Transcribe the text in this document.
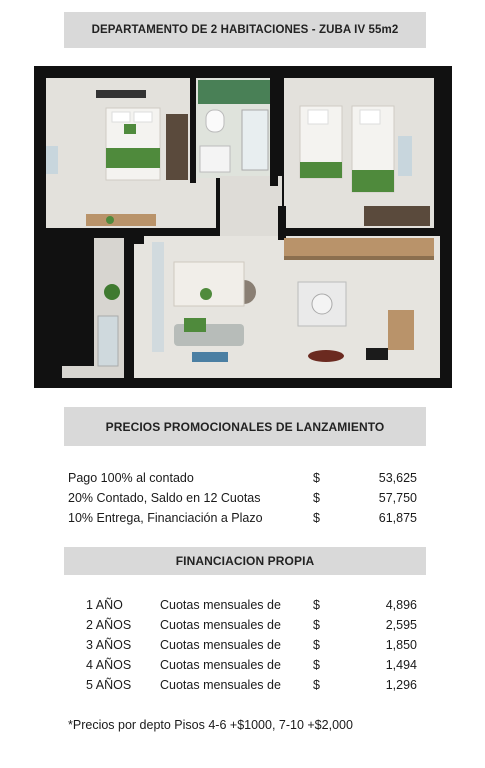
DEPARTAMENTO DE 2 HABITACIONES - ZUBA IV 55m2
PRECIOS PROMOCIONALES DE LANZAMIENTO
Pago 100% al contado	$	53,625
20% Contado, Saldo en 12 Cuotas	$	57,750
10% Entrega, Financiación a Plazo	$	61,875
FINANCIACION PROPIA
1 AÑO	Cuotas mensuales de	$	4,896
2 AÑOS Cuotas mensuales de	$	2,595
3 AÑOS Cuotas mensuales de	$	1,850
4 AÑOS Cuotas mensuales de	$	1,494
5 AÑOS Cuotas mensuales de	$	1,296
*Precios por depto Pisos 4-6 +$1000, 7-10 +$2,000
